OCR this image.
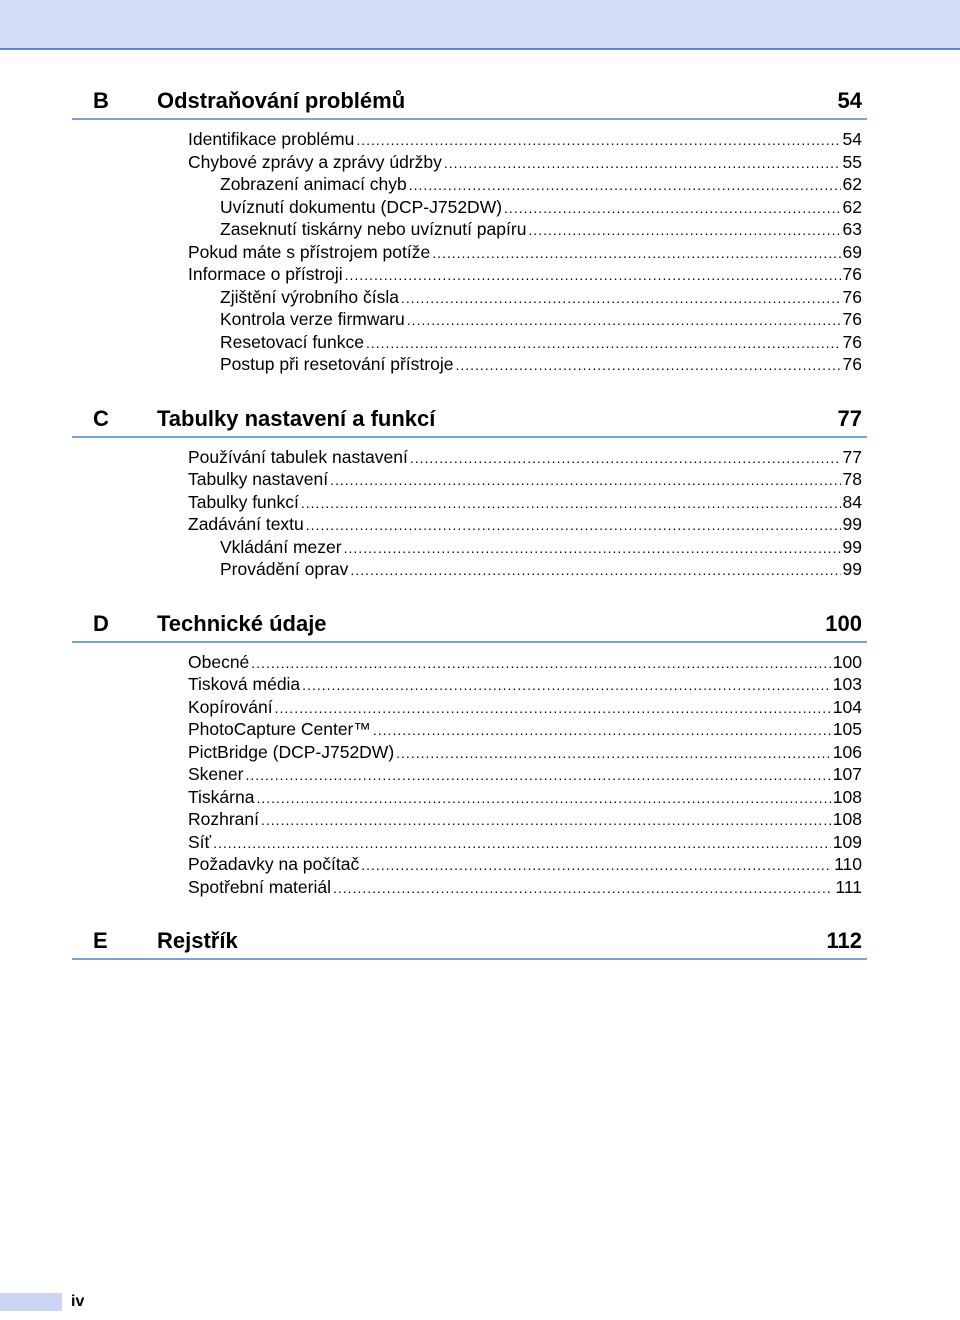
B Odstraňování problémů	54
Identifikace problému .....	54
Chybové zprávy a zprávy údržby .....	55
Zobrazení animací chyb .....	62
Uvíznutí dokumentu (DCP-J752DW) .....	62
Zaseknutí tiskárny nebo uvíznutí papíru .....	63
Pokud máte s přístrojem potíže .....	69
Informace o přístroji .....	76
Zjištění výrobního čísla .....	76
Kontrola verze firmwaru .....	76
Resetovací funkce .....	76
Postup při resetování přístroje .....	76
C Tabulky nastavení a funkcí	77
Používání tabulek nastavení .....	77
Tabulky nastavení .....	78
Tabulky funkcí .....	84
Zadávání textu .....	99
Vkládání mezer .....	99
Provádění oprav .....	99
D Technické údaje	100
Obecné .....	100
Tisková média .....	103
Kopírování .....	104
PhotoCapture Center™ .....	105
PictBridge (DCP-J752DW) .....	106
Skener .....	107
Tiskárna .....	108
Rozhraní .....	108
Síť .....	109
Požadavky na počítač .....	110
Spotřební materiál .....	111
E Rejstřík	112
iv
